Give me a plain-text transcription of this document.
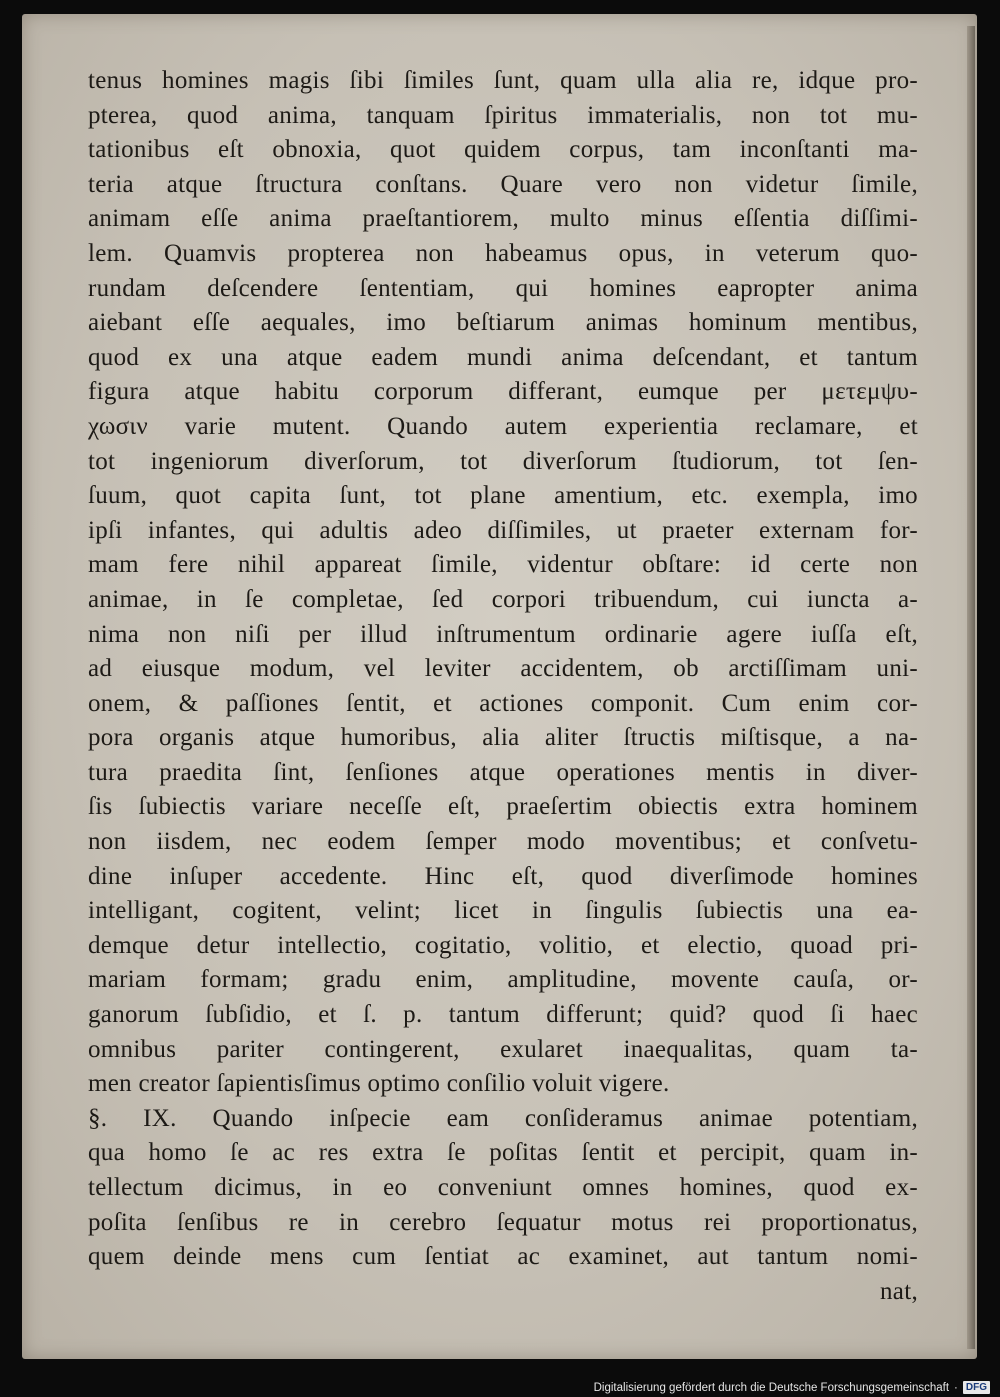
tenus homines magis ſibi ſimiles ſunt, quam ulla alia re, idque pro-
pterea, quod anima, tanquam ſpiritus immaterialis, non tot mu-
tationibus eſt obnoxia, quot quidem corpus, tam inconſtanti ma-
teria atque ſtructura conſtans. Quare vero non videtur ſimile,
animam eſſe anima praeſtantiorem, multo minus eſſentia diſſimi-
lem. Quamvis propterea non habeamus opus, in veterum quo-
rundam deſcendere ſententiam, qui homines eapropter anima
aiebant eſſe aequales, imo beſtiarum animas hominum mentibus,
quod ex una atque eadem mundi anima deſcendant, et tantum
figura atque habitu corporum differant, eumque per μετεμψυ-
χωσιν varie mutent. Quando autem experientia reclamare, et
tot ingeniorum diverſorum, tot diverſorum ſtudiorum, tot ſen-
ſuum, quot capita ſunt, tot plane amentium, etc. exempla, imo
ipſi infantes, qui adultis adeo diſſimiles, ut praeter externam for-
mam fere nihil appareat ſimile, videntur obſtare: id certe non
animae, in ſe completae, ſed corpori tribuendum, cui iuncta a-
nima non niſi per illud inſtrumentum ordinarie agere iuſſa eſt,
ad eiusque modum, vel leviter accidentem, ob arctiſſimam uni-
onem, & paſſiones ſentit, et actiones componit. Cum enim cor-
pora organis atque humoribus, alia aliter ſtructis miſtisque, a na-
tura praedita ſint, ſenſiones atque operationes mentis in diver-
ſis ſubiectis variare neceſſe eſt, praeſertim obiectis extra hominem
non iisdem, nec eodem ſemper modo moventibus; et conſvetu-
dine inſuper accedente. Hinc eſt, quod diverſimode homines
intelligant, cogitent, velint; licet in ſingulis ſubiectis una ea-
demque detur intellectio, cogitatio, volitio, et electio, quoad pri-
mariam formam; gradu enim, amplitudine, movente cauſa, or-
ganorum ſubſidio, et ſ. p. tantum differunt; quid? quod ſi haec
omnibus pariter contingerent, exularet inaequalitas, quam ta-
men creator ſapientisſimus optimo conſilio voluit vigere.
§. IX. Quando inſpecie eam conſideramus animae potentiam,
qua homo ſe ac res extra ſe poſitas ſentit et percipit, quam in-
tellectum dicimus, in eo conveniunt omnes homines, quod ex-
poſita ſenſibus re in cerebro ſequatur motus rei proportionatus,
quem deinde mens cum ſentiat ac examinet, aut tantum nomi-
nat,
Digitalisierung gefördert durch die Deutsche Forschungsgemeinschaft · DFG
